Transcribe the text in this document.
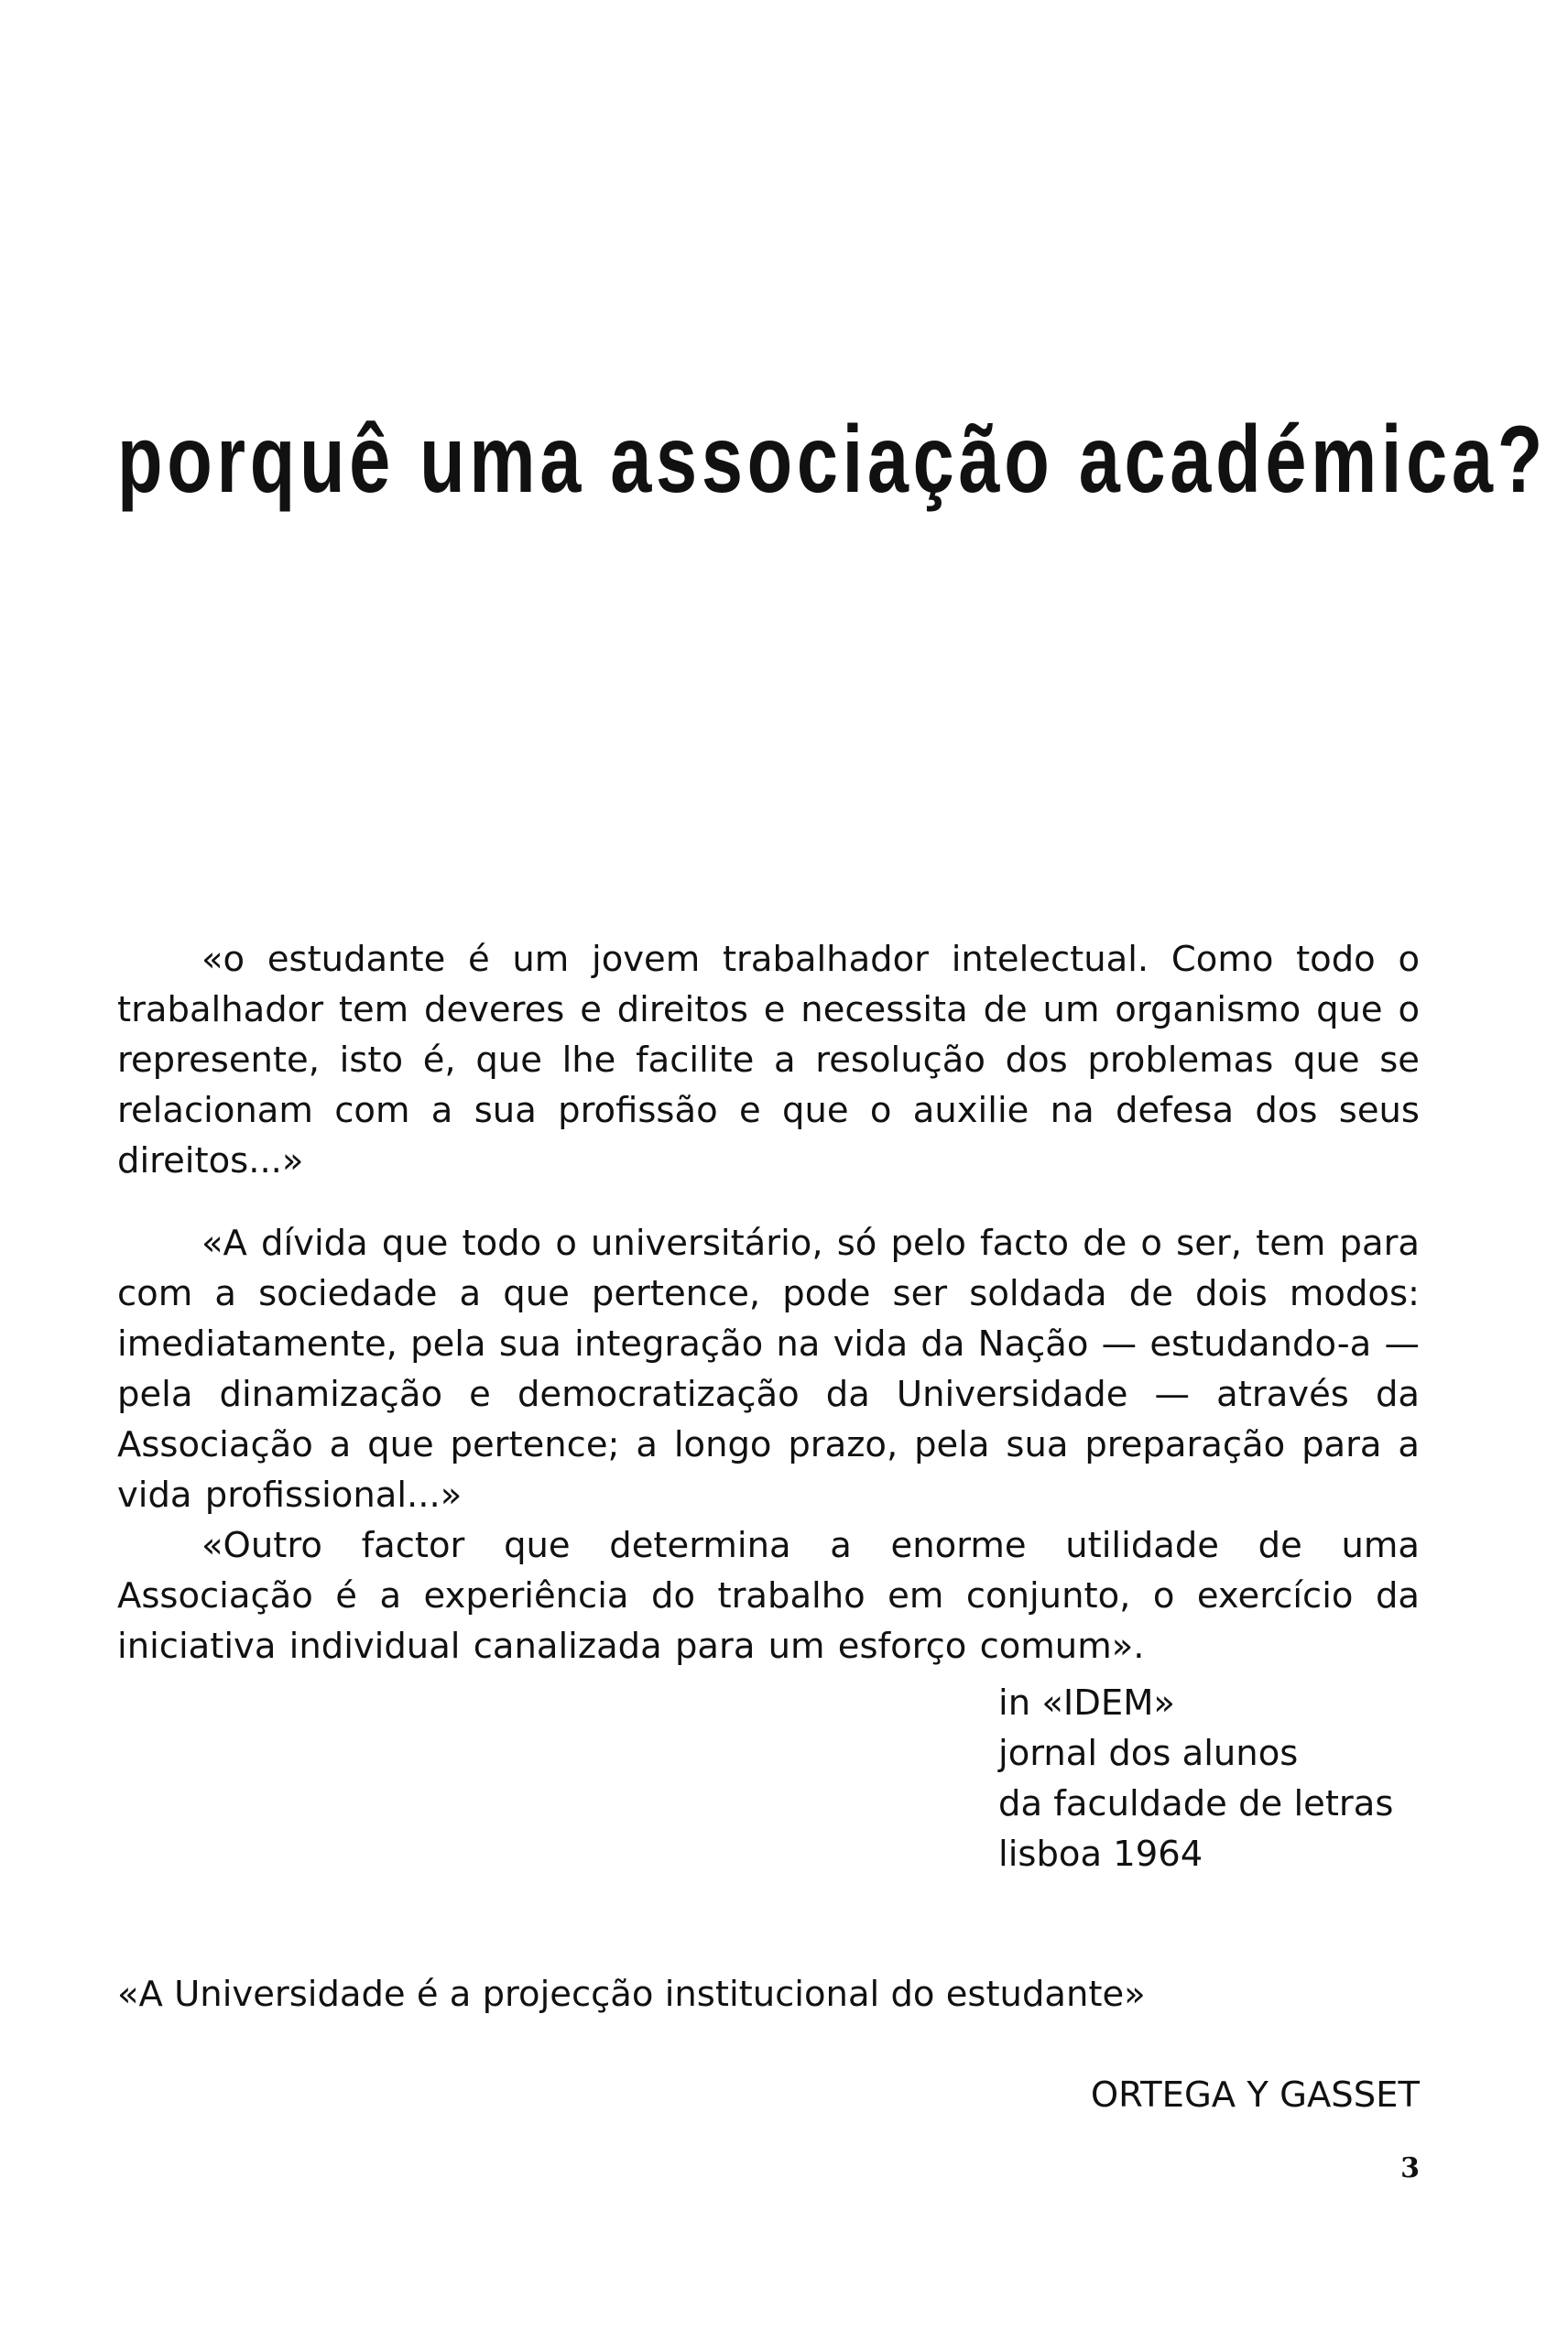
porquê uma associação académica?

«o estudante é um jovem trabalhador intelectual. Como todo o trabalhador tem deveres e direitos e necessita de um organismo que o represente, isto é, que lhe facilite a resolução dos problemas que se relacionam com a sua profissão e que o auxilie na defesa dos seus direitos...»

«A dívida que todo o universitário, só pelo facto de o ser, tem para com a sociedade a que pertence, pode ser soldada de dois modos: imediatamente, pela sua integração na vida da Nação — estudando-a — pela dinamização e democratização da Universidade — através da Associação a que pertence; a longo prazo, pela sua preparação para a vida profissional...»

«Outro factor que determina a enorme utilidade de uma Associação é a experiência do trabalho em conjunto, o exercício da iniciativa individual canalizada para um esforço comum».

in «IDEM»
jornal dos alunos
da faculdade de letras
lisboa 1964

«A Universidade é a projecção institucional do estudante»

ORTEGA Y GASSET

3
